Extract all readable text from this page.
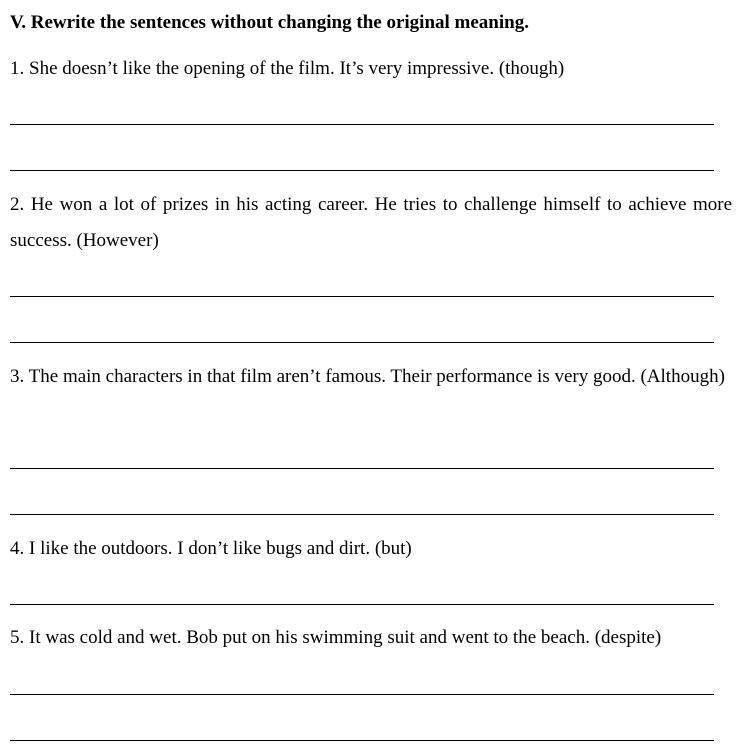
V. Rewrite the sentences without changing the original meaning.

1. She doesn’t like the opening of the film. It’s very impressive. (though)

2. He won a lot of prizes in his acting career. He tries to challenge himself to achieve more success. (However)

3. The main characters in that film aren’t famous. Their performance is very good. (Although)

4. I like the outdoors. I don’t like bugs and dirt. (but)

5. It was cold and wet. Bob put on his swimming suit and went to the beach. (despite)
